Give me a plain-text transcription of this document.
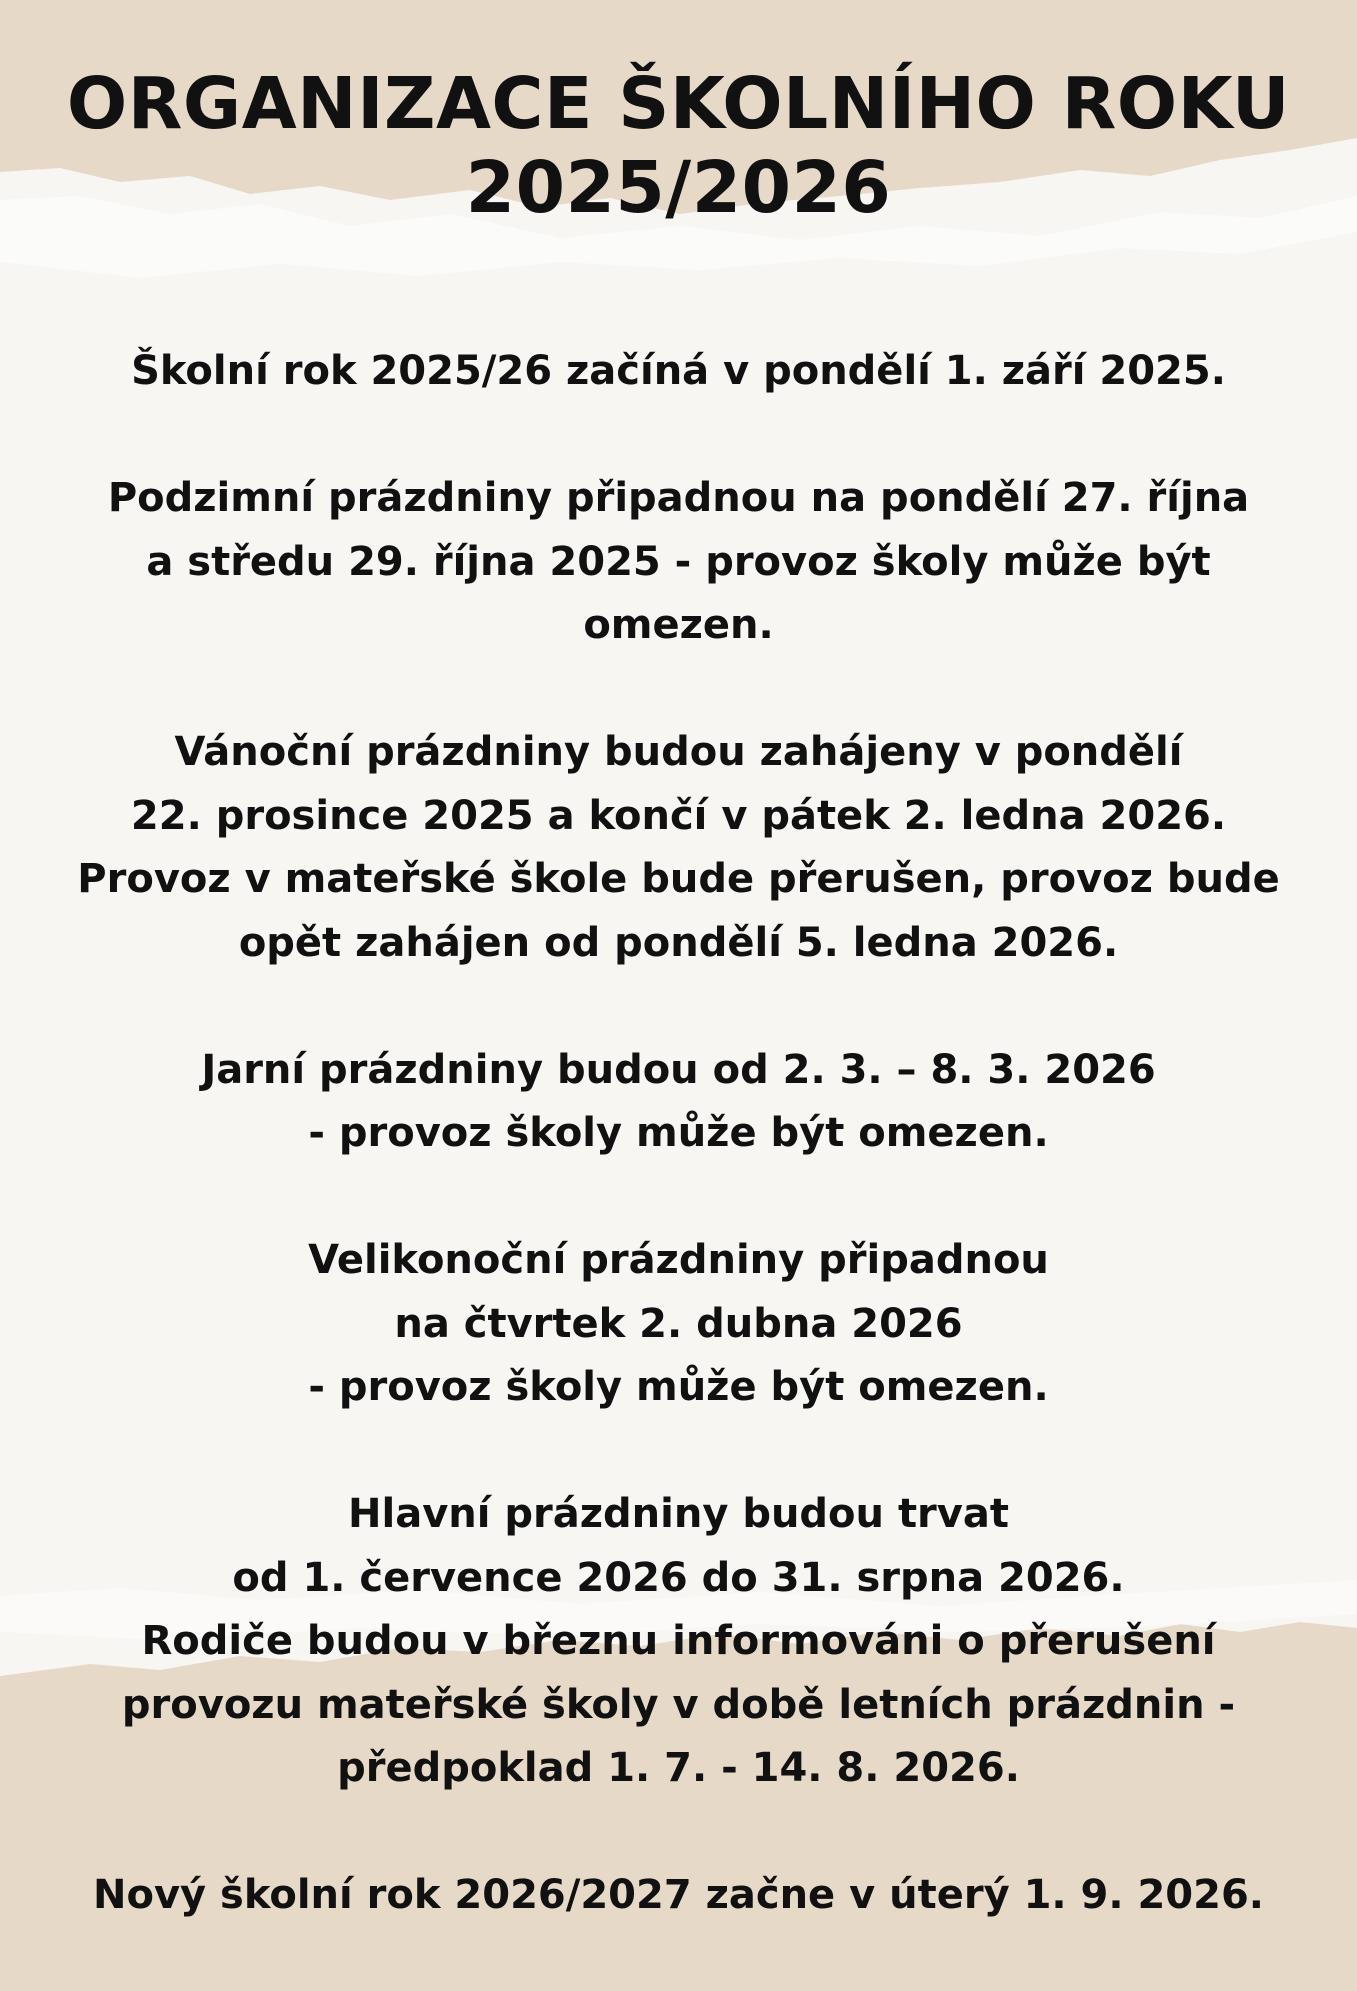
ORGANIZACE ŠKOLNÍHO ROKU
2025/2026

Školní rok 2025/26 začíná v pondělí 1. září 2025.

Podzimní prázdniny připadnou na pondělí 27. října
a středu 29. října 2025 - provoz školy může být
omezen.

Vánoční prázdniny budou zahájeny v pondělí
22. prosince 2025 a končí v pátek 2. ledna 2026.
Provoz v mateřské škole bude přerušen, provoz bude
opět zahájen od pondělí 5. ledna 2026.

Jarní prázdniny budou od 2. 3. – 8. 3. 2026
- provoz školy může být omezen.

Velikonoční prázdniny připadnou
na čtvrtek 2. dubna 2026
- provoz školy může být omezen.

Hlavní prázdniny budou trvat
od 1. července 2026 do 31. srpna 2026.
Rodiče budou v březnu informováni o přerušení
provozu mateřské školy v době letních prázdnin -
předpoklad 1. 7. - 14. 8. 2026.

Nový školní rok 2026/2027 začne v úterý 1. 9. 2026.
